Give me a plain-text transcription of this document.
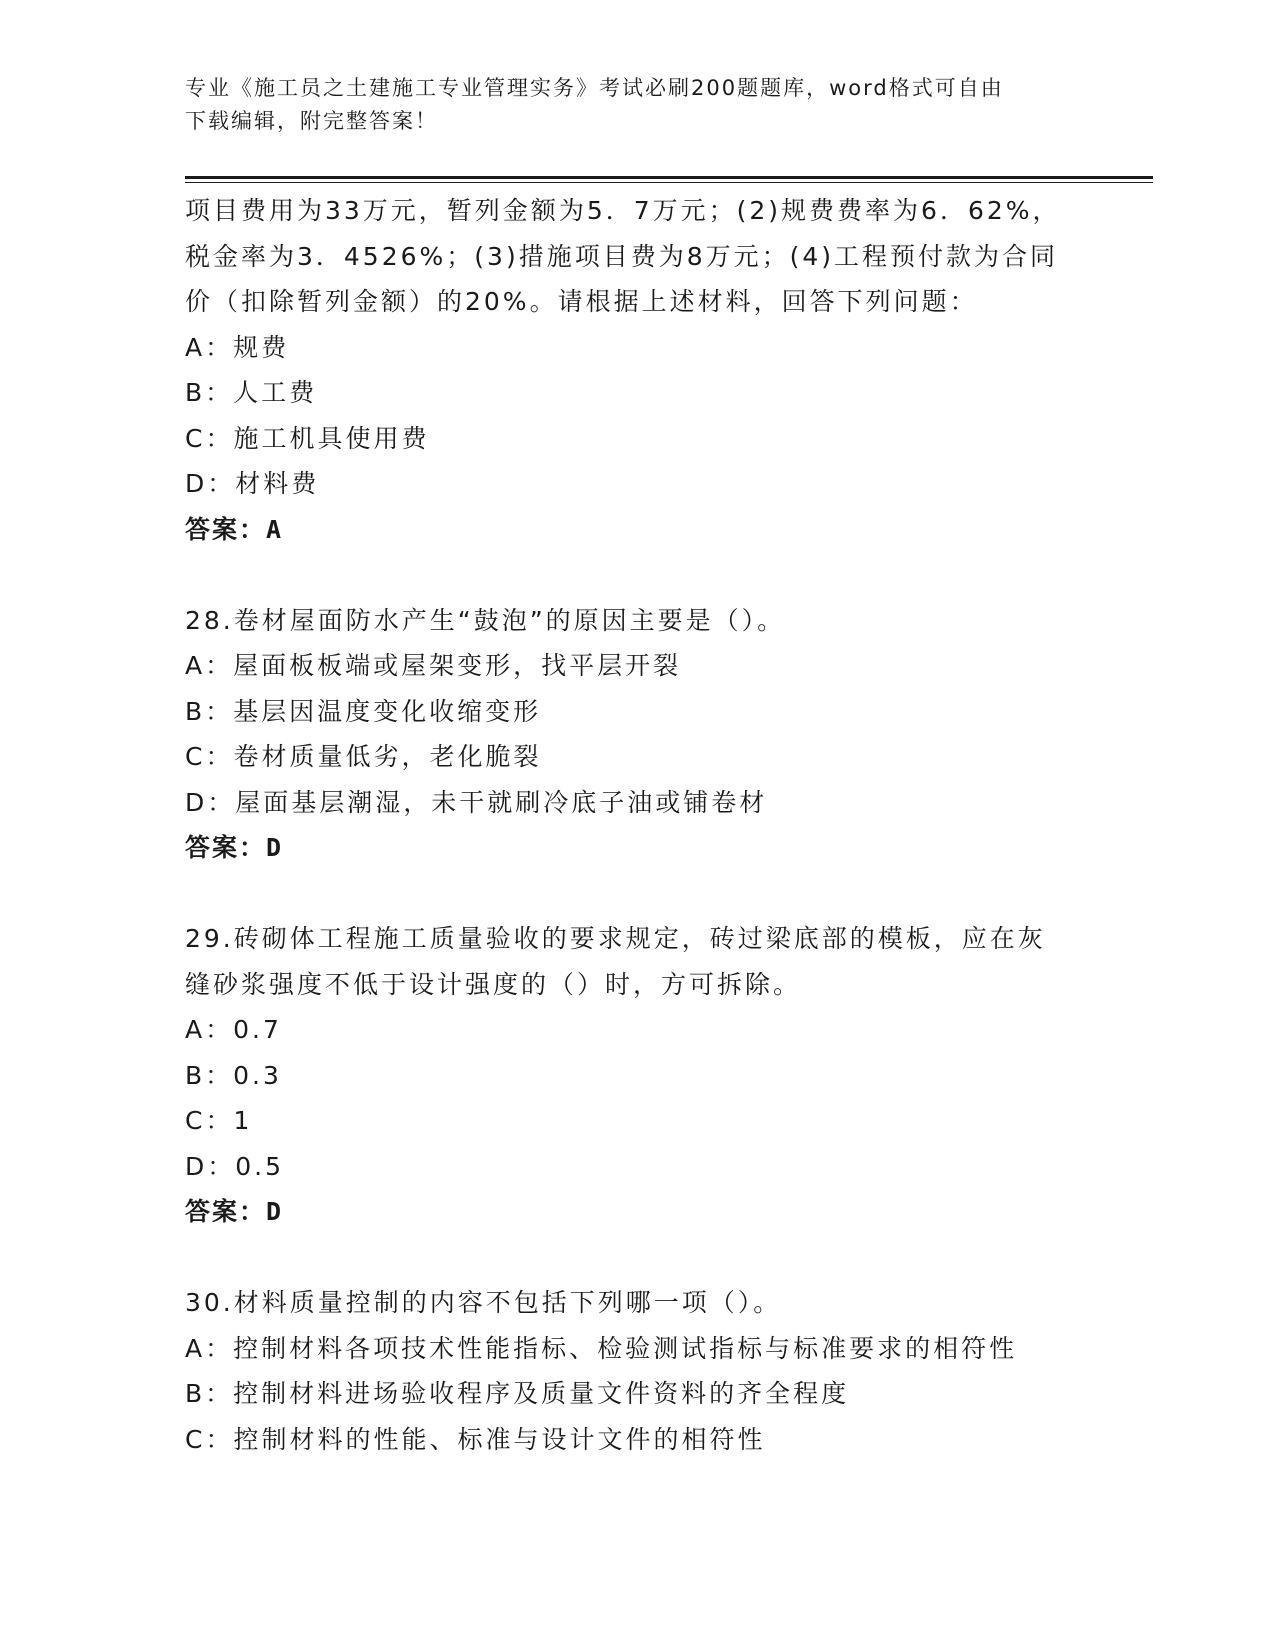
专业《施工员之土建施工专业管理实务》考试必刷200题题库，word格式可自由
下载编辑，附完整答案！
项目费用为33万元，暂列金额为5．7万元；(2)规费费率为6．62%，
税金率为3．4526%；(3)措施项目费为8万元；(4)工程预付款为合同
价（扣除暂列金额）的20%。请根据上述材料，回答下列问题：
A：规费
B：人工费
C：施工机具使用费
D：材料费
答案：A
28.卷材屋面防水产生“鼓泡”的原因主要是（）。
A：屋面板板端或屋架变形，找平层开裂
B：基层因温度变化收缩变形
C：卷材质量低劣，老化脆裂
D：屋面基层潮湿，未干就刷冷底子油或铺卷材
答案：D
29.砖砌体工程施工质量验收的要求规定，砖过梁底部的模板，应在灰
缝砂浆强度不低于设计强度的（）时，方可拆除。
A：0.7
B：0.3
C：1
D：0.5
答案：D
30.材料质量控制的内容不包括下列哪一项（）。
A：控制材料各项技术性能指标、检验测试指标与标准要求的相符性
B：控制材料进场验收程序及质量文件资料的齐全程度
C：控制材料的性能、标准与设计文件的相符性
